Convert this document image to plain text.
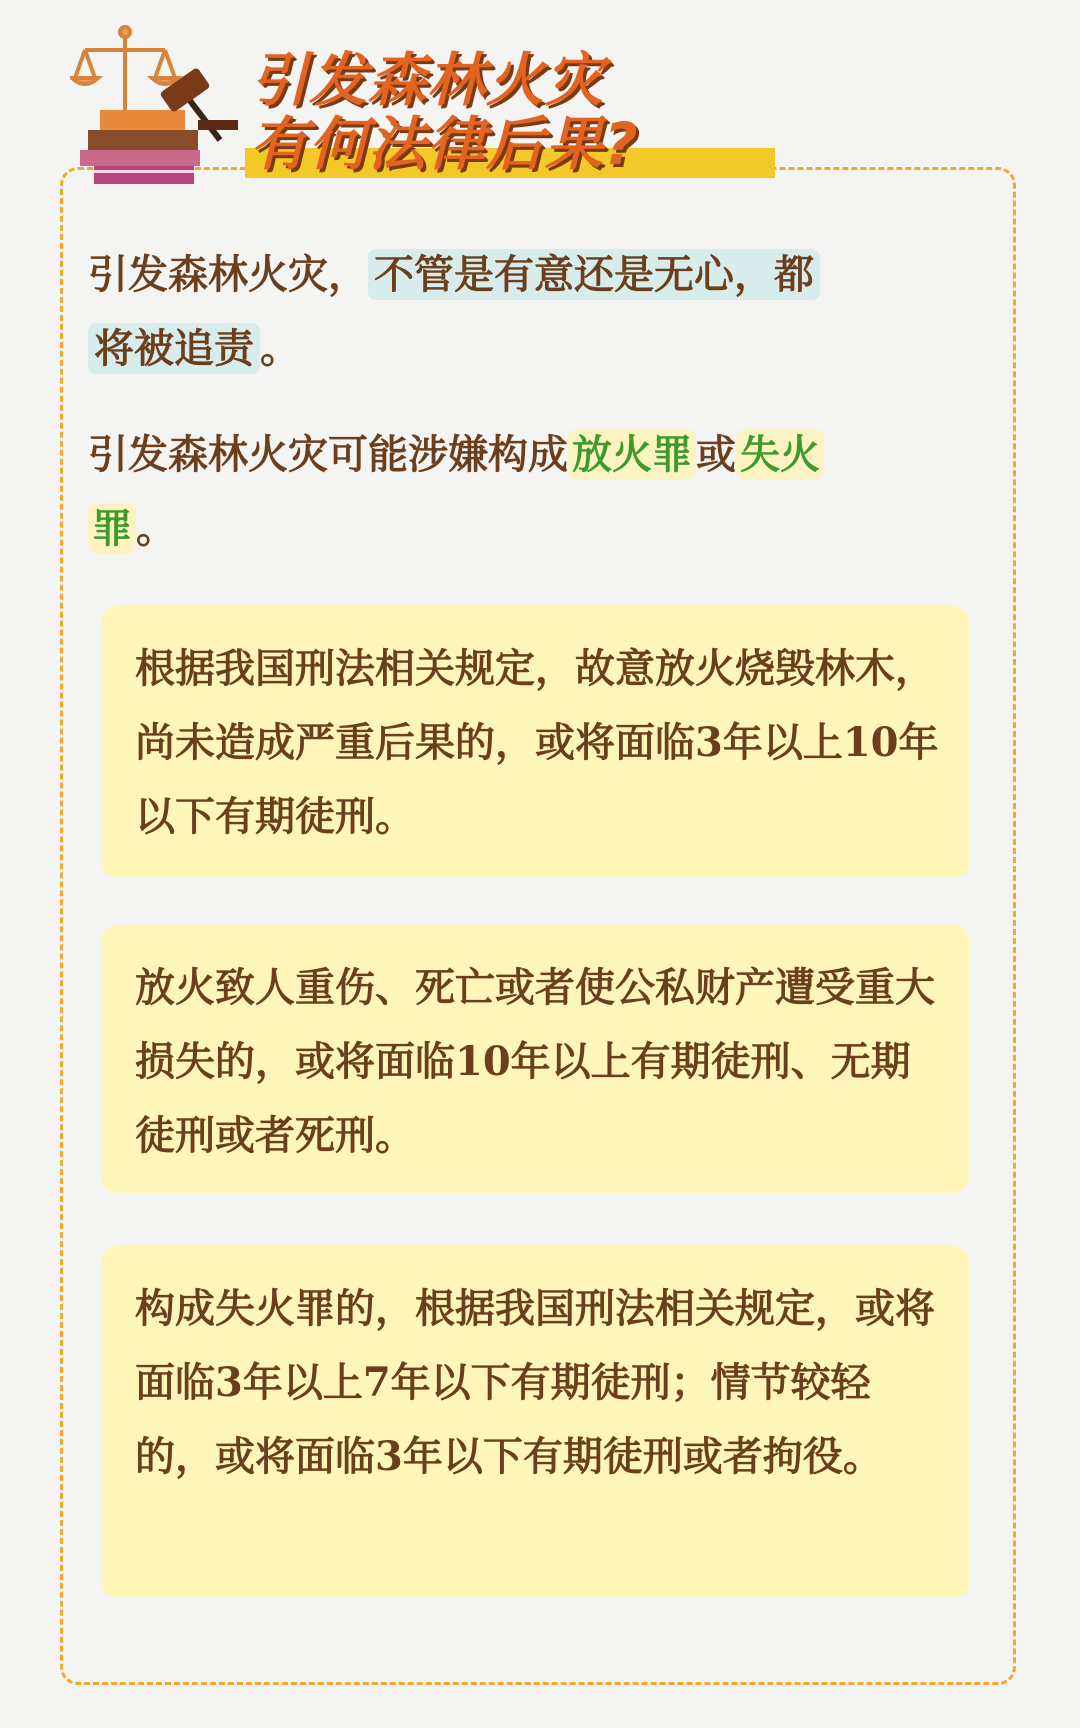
引发森林火灾
有何法律后果?

引发森林火灾， 不管是有意还是无心，都
将被追责 。

引发森林火灾可能涉嫌构成 放火罪 或 失火
罪 。

根据我国刑法相关规定，故意放火烧毁林木，尚未造成严重后果的，或将面临3年以上10年以下有期徒刑。

放火致人重伤、死亡或者使公私财产遭受重大损失的，或将面临10年以上有期徒刑、无期徒刑或者死刑。

构成失火罪的，根据我国刑法相关规定，或将面临3年以上7年以下有期徒刑；情节较轻的，或将面临3年以下有期徒刑或者拘役。
